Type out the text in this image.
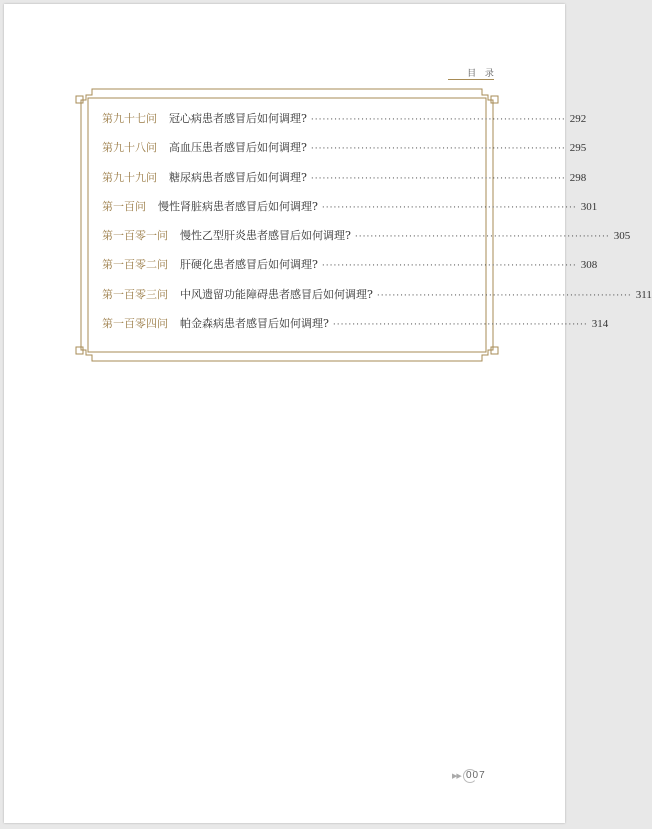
目 录
第九十七问 冠心病患者感冒后如何调理? ·································································· 292
第九十八问 高血压患者感冒后如何调理? ·································································· 295
第九十九问 糖尿病患者感冒后如何调理? ·································································· 298
第一百问 慢性肾脏病患者感冒后如何调理? ·································································· 301
第一百零一问 慢性乙型肝炎患者感冒后如何调理? ·································································· 305
第一百零二问 肝硬化患者感冒后如何调理? ·································································· 308
第一百零三问 中风遗留功能障碍患者感冒后如何调理? ·································································· 311
第一百零四问 帕金森病患者感冒后如何调理? ·································································· 314
▶▶ 007
